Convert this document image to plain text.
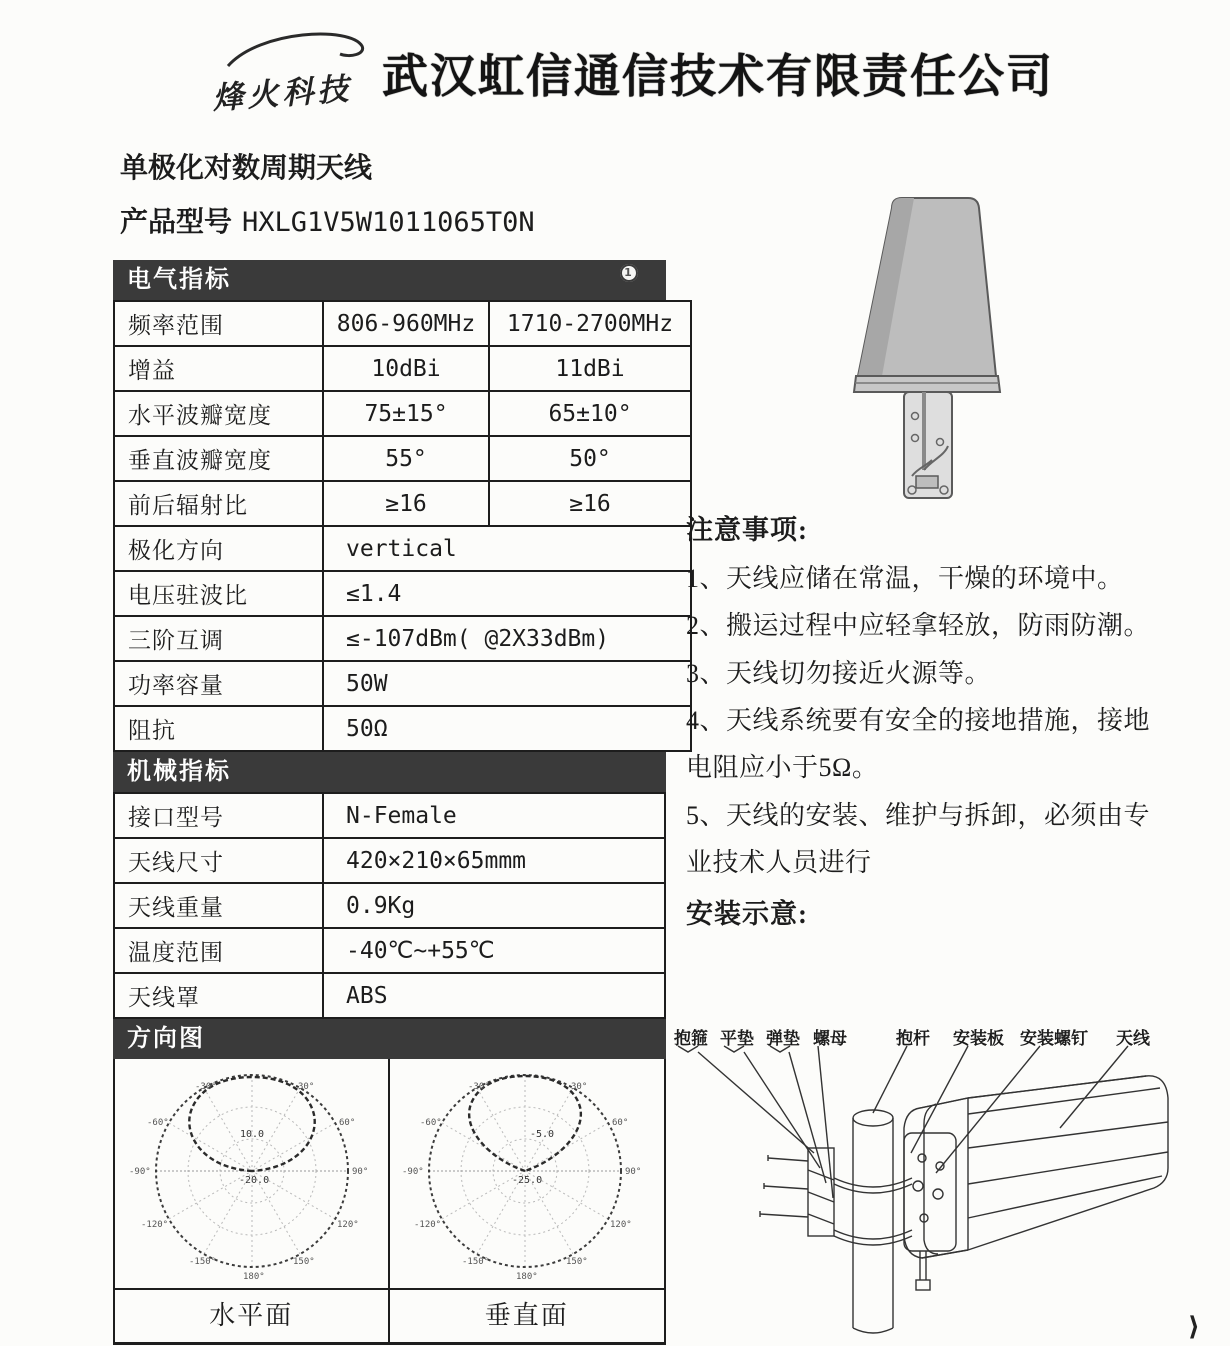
烽火科技 武汉虹信通信技术有限责任公司
单极化对数周期天线
产品型号 HXLG1V5W1011065T0N
电气指标	1
频率范围	806-960MHz	1710-2700MHz
增益	10dBi	11dBi
水平波瓣宽度	75±15°	65±10°
垂直波瓣宽度	55°	50°
前后辐射比	≥16	≥16
极化方向	vertical	
电压驻波比	≤1.4	
三阶互调	≤-107dBm( @2X33dBm)	
功率容量	50W	
阻抗	50Ω	
机械指标
接口型号	N-Female
天线尺寸	420×210×65mmm
天线重量	0.9Kg
温度范围	-40℃~+55℃
天线罩	ABS
方向图
-30°	30°
-60°	60°
-90°	90°
-120°	120°
-150°	150°
180°
10.0
-20.0
-30°	30°
-60°	60°
-90°	90°
-120°	120°
-150°	150°
180°
-5.0
-25.0
水平面	垂直面
注意事项:
1、天线应储在常温，干燥的环境中。
2、搬运过程中应轻拿轻放，防雨防潮。
3、天线切勿接近火源等。
4、天线系统要有安全的接地措施，接地电阻应小于5Ω。
5、天线的安装、维护与拆卸，必须由专业技术人员进行
安装示意:
抱箍 平垫 弹垫 螺母	抱杆 安装板 安装螺钉 天线
⟩
